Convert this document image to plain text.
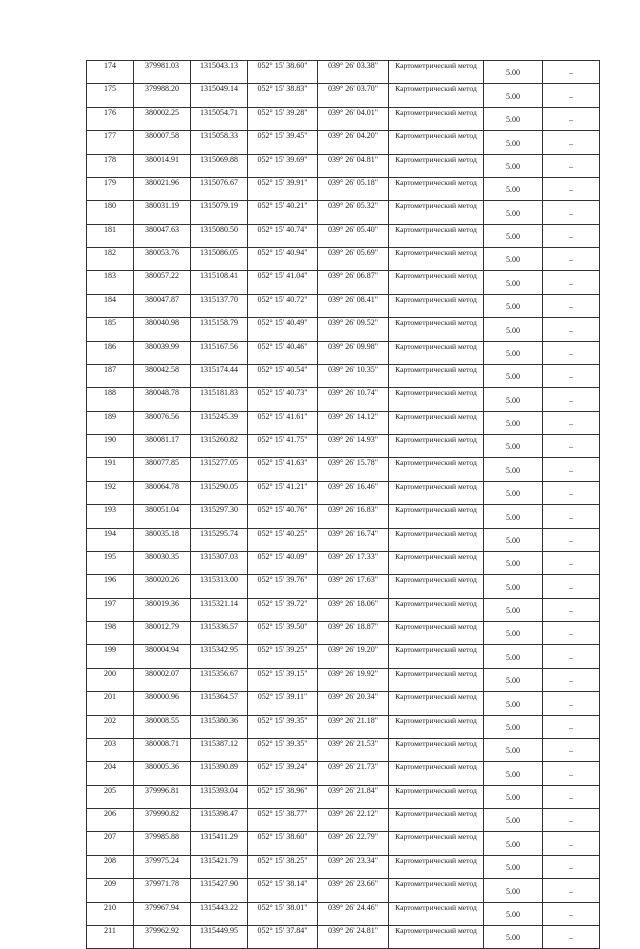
174	379981.03	1315043.13	052° 15' 38.60"	039° 26' 03.38"	Картометрический метод	5.00	–
175	379988.20	1315049.14	052° 15' 38.83"	039° 26' 03.70"	Картометрический метод	5.00	–
176	380002.25	1315054.71	052° 15' 39.28"	039° 26' 04.01"	Картометрический метод	5.00	–
177	380007.58	1315058.33	052° 15' 39.45"	039° 26' 04.20"	Картометрический метод	5.00	–
178	380014.91	1315069.88	052° 15' 39.69"	039° 26' 04.81"	Картометрический метод	5.00	–
179	380021.96	1315076.67	052° 15' 39.91"	039° 26' 05.18"	Картометрический метод	5.00	–
180	380031.19	1315079.19	052° 15' 40.21"	039° 26' 05.32"	Картометрический метод	5.00	–
181	380047.63	1315080.50	052° 15' 40.74"	039° 26' 05.40"	Картометрический метод	5.00	–
182	380053.76	1315086.05	052° 15' 40.94"	039° 26' 05.69"	Картометрический метод	5.00	–
183	380057.22	1315108.41	052° 15' 41.04"	039° 26' 06.87"	Картометрический метод	5.00	–
184	380047.87	1315137.70	052° 15' 40.72"	039° 26' 08.41"	Картометрический метод	5.00	–
185	380040.98	1315158.79	052° 15' 40.49"	039° 26' 09.52"	Картометрический метод	5.00	–
186	380039.99	1315167.56	052° 15' 40.46"	039° 26' 09.98"	Картометрический метод	5.00	–
187	380042.58	1315174.44	052° 15' 40.54"	039° 26' 10.35"	Картометрический метод	5.00	–
188	380048.78	1315181.83	052° 15' 40.73"	039° 26' 10.74"	Картометрический метод	5.00	–
189	380076.56	1315245.39	052° 15' 41.61"	039° 26' 14.12"	Картометрический метод	5.00	–
190	380081.17	1315260.82	052° 15' 41.75"	039° 26' 14.93"	Картометрический метод	5.00	–
191	380077.85	1315277.05	052° 15' 41.63"	039° 26' 15.78"	Картометрический метод	5.00	–
192	380064.78	1315290.05	052° 15' 41.21"	039° 26' 16.46"	Картометрический метод	5.00	–
193	380051.04	1315297.30	052° 15' 40.76"	039° 26' 16.83"	Картометрический метод	5.00	–
194	380035.18	1315295.74	052° 15' 40.25"	039° 26' 16.74"	Картометрический метод	5.00	–
195	380030.35	1315307.03	052° 15' 40.09"	039° 26' 17.33"	Картометрический метод	5.00	–
196	380020.26	1315313.00	052° 15' 39.76"	039° 26' 17.63"	Картометрический метод	5.00	–
197	380019.36	1315321.14	052° 15' 39.72"	039° 26' 18.06"	Картометрический метод	5.00	–
198	380012.79	1315336.57	052° 15' 39.50"	039° 26' 18.87"	Картометрический метод	5.00	–
199	380004.94	1315342.95	052° 15' 39.25"	039° 26' 19.20"	Картометрический метод	5.00	–
200	380002.07	1315356.67	052° 15' 39.15"	039° 26' 19.92"	Картометрический метод	5.00	–
201	380000.96	1315364.57	052° 15' 39.11"	039° 26' 20.34"	Картометрический метод	5.00	–
202	380008.55	1315380.36	052° 15' 39.35"	039° 26' 21.18"	Картометрический метод	5.00	–
203	380008.71	1315387.12	052° 15' 39.35"	039° 26' 21.53"	Картометрический метод	5.00	–
204	380005.36	1315390.89	052° 15' 39.24"	039° 26' 21.73"	Картометрический метод	5.00	–
205	379996.81	1315393.04	052° 15' 38.96"	039° 26' 21.84"	Картометрический метод	5.00	–
206	379990.82	1315398.47	052° 15' 38.77"	039° 26' 22.12"	Картометрический метод	5.00	–
207	379985.88	1315411.29	052° 15' 38.60"	039° 26' 22.79"	Картометрический метод	5.00	–
208	379975.24	1315421.79	052° 15' 38.25"	039° 26' 23.34"	Картометрический метод	5.00	–
209	379971.78	1315427.90	052° 15' 38.14"	039° 26' 23.66"	Картометрический метод	5.00	–
210	379967.94	1315443.22	052° 15' 38.01"	039° 26' 24.46"	Картометрический метод	5.00	–
211	379962.92	1315449.95	052° 15' 37.84"	039° 26' 24.81"	Картометрический метод	5.00	–
